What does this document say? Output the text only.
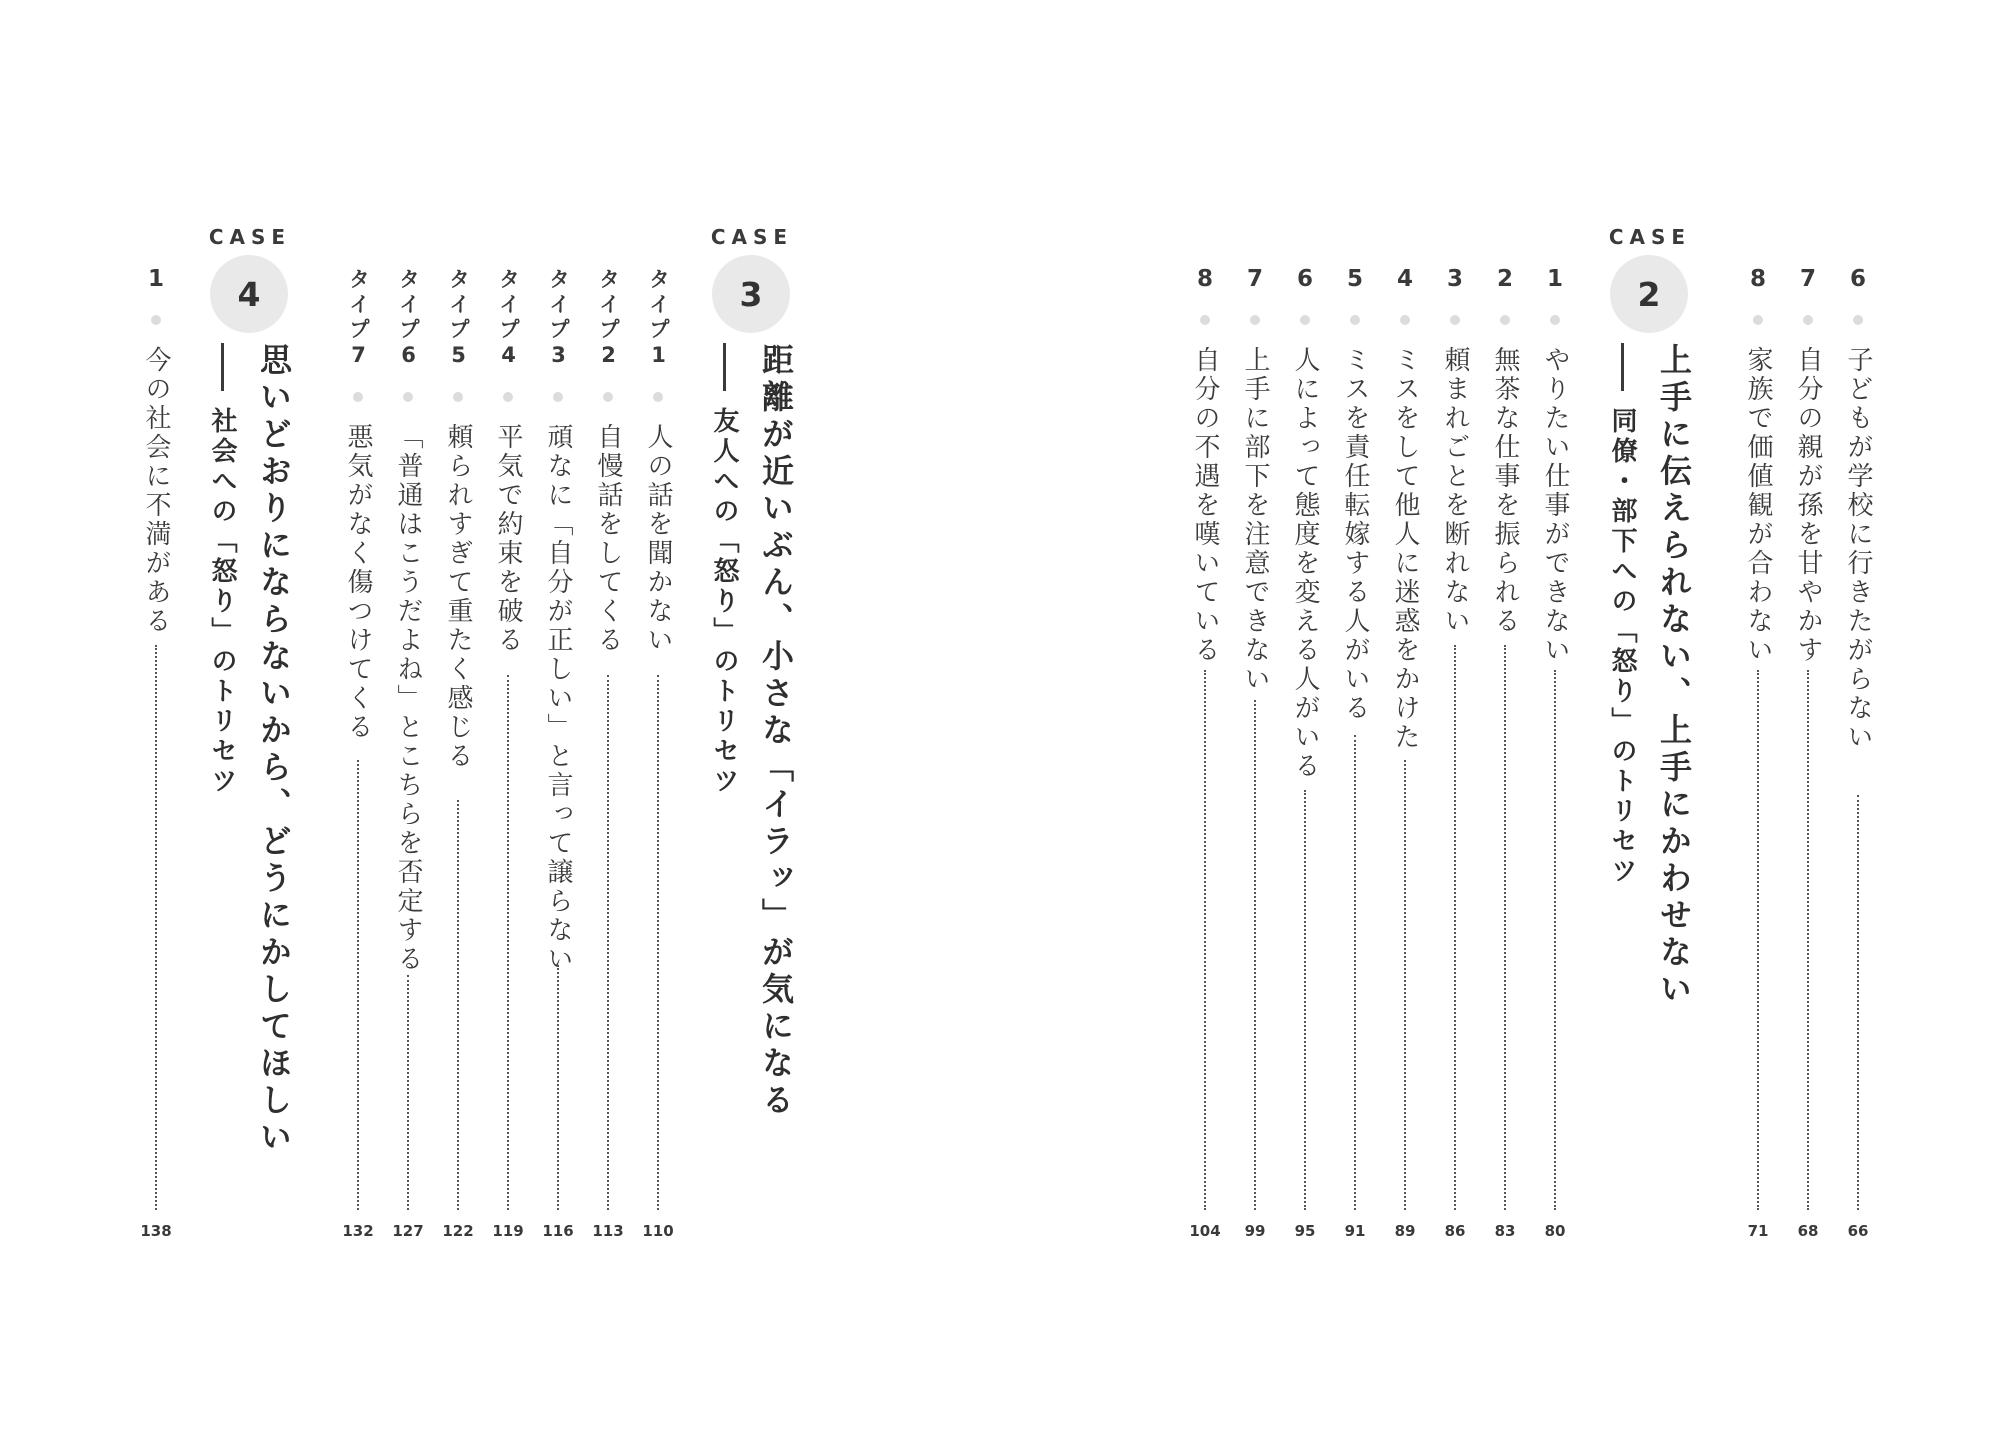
1
今の社会に不満がある
138
CASE
4
社会への「怒り」のトリセツ 思いどおりにならないから、どうにかしてほしい
タイプ7
悪気がなく傷つけてくる
132
タイプ6
「普通はこうだよね」とこちらを否定する
127
タイプ5
頼られすぎて重たく感じる
122
タイプ4
平気で約束を破る
119
タイプ3
頑なに「自分が正しい」と言って譲らない
116
タイプ2
自慢話をしてくる
113
タイプ1
人の話を聞かない
110
CASE
3
友人への「怒り」のトリセツ 距離が近いぶん、小さな「イラッ」が気になる
8
自分の不遇を嘆いている
104
7
上手に部下を注意できない
99
6
人によって態度を変える人がいる
95
5
ミスを責任転嫁する人がいる
91
4
ミスをして他人に迷惑をかけた
89
3
頼まれごとを断れない
86
2
無茶な仕事を振られる
83
1
やりたい仕事ができない
80
CASE
2
同僚・部下への「怒り」のトリセツ 上手に伝えられない、上手にかわせない
8
家族で価値観が合わない
71
7
自分の親が孫を甘やかす
68
6
子どもが学校に行きたがらない
66
